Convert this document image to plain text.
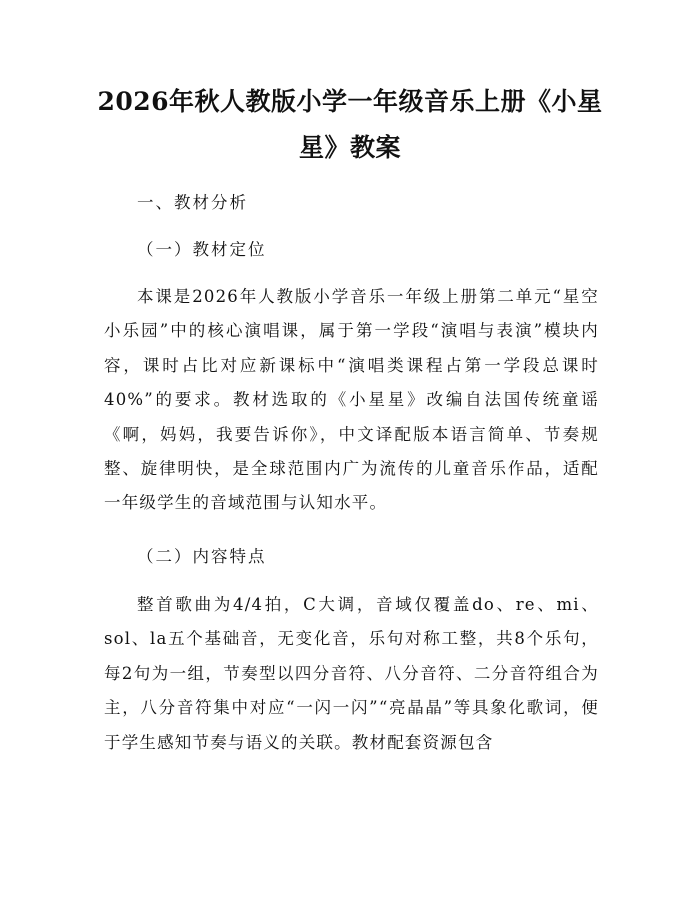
2026年秋人教版小学一年级音乐上册《小星
星》教案
一、教材分析
（一）教材定位

本课是2026年人教版小学音乐一年级上册第二单元“星空小乐园”中的核心演唱课，属于第一学段“演唱与表演”模块内容，课时占比对应新课标中“演唱类课程占第一学段总课时40%”的要求。教材选取的《小星星》改编自法国传统童谣《啊，妈妈，我要告诉你》，中文译配版本语言简单、节奏规整、旋律明快，是全球范围内广为流传的儿童音乐作品，适配一年级学生的音域范围与认知水平。

（二）内容特点

整首歌曲为4/4拍，C大调，音域仅覆盖do、re、mi、sol、la五个基础音，无变化音，乐句对称工整，共8个乐句，每2句为一组，节奏型以四分音符、八分音符、二分音符组合为主，八分音符集中对应“一闪一闪”“亮晶晶”等具象化歌词，便于学生感知节奏与语义的关联。教材配套资源包含
